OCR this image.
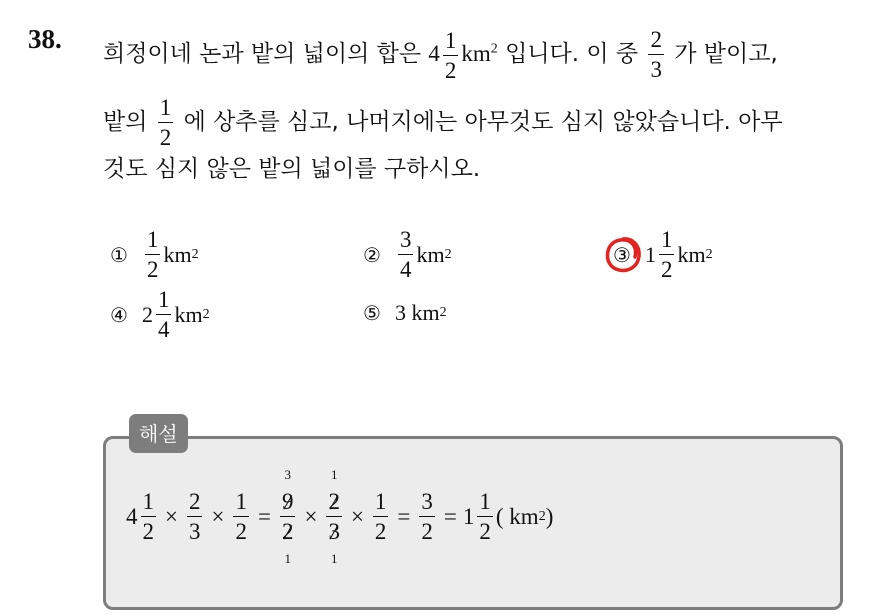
38. 희정이네 논과 밭의 넓이의 합은 $4 \frac{1}{2} km^2$ 입니다. 이 중 $\frac{2}{3}$ 가 밭이고,
밭의 $\frac{1}{2}$ 에 상추를 심고, 나머지에는 아무것도 심지 않았습니다. 아무
것도 심지 않은 밭의 넓이를 구하시오.
① $\frac{1}{2}$ km 2	② $\frac{3}{4}$ km 2	③ $1 \frac{1}{2}$ km 2
④ $2 \frac{1}{4}$ km 2	⑤ 3
km 2
해설
$4 \frac{1}{2} \times \frac{2}{3} \times \frac{1}{2}$ =
3
9
2
1
×
1
2
3
1
× $\frac{1}{2} = \frac{3}{2} = 1 \frac{1}{2}$ ( km 2 )
